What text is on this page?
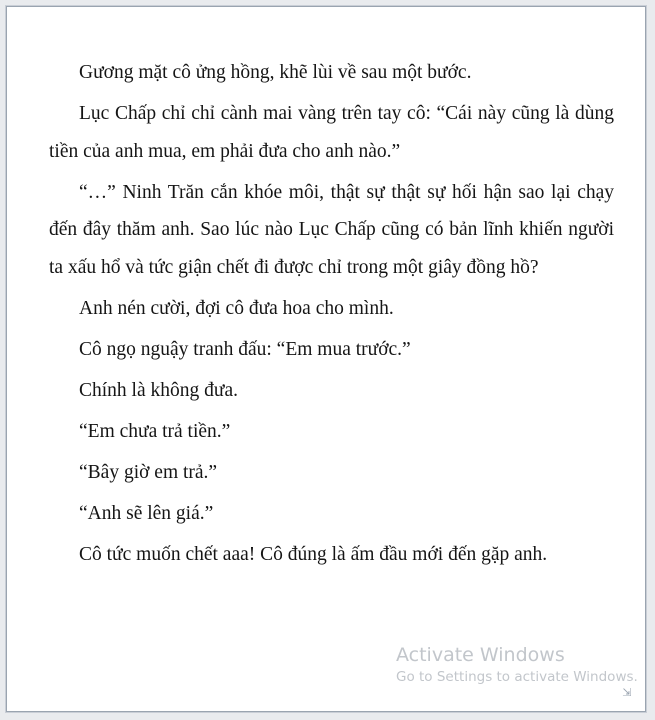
Gương mặt cô ửng hồng, khẽ lùi về sau một bước.

Lục Chấp chỉ chỉ cành mai vàng trên tay cô: “Cái này cũng là dùng tiền của anh mua, em phải đưa cho anh nào.”

“…” Ninh Trăn cắn khóe môi, thật sự thật sự hối hận sao lại chạy đến đây thăm anh. Sao lúc nào Lục Chấp cũng có bản lĩnh khiến người ta xấu hổ và tức giận chết đi được chỉ trong một giây đồng hồ?

Anh nén cười, đợi cô đưa hoa cho mình.

Cô ngọ nguậy tranh đấu: “Em mua trước.”

Chính là không đưa.

“Em chưa trả tiền.”

“Bây giờ em trả.”

“Anh sẽ lên giá.”

Cô tức muốn chết aaa! Cô đúng là ấm đầu mới đến gặp anh.

Activate Windows
Go to Settings to activate Windows.
⇲
